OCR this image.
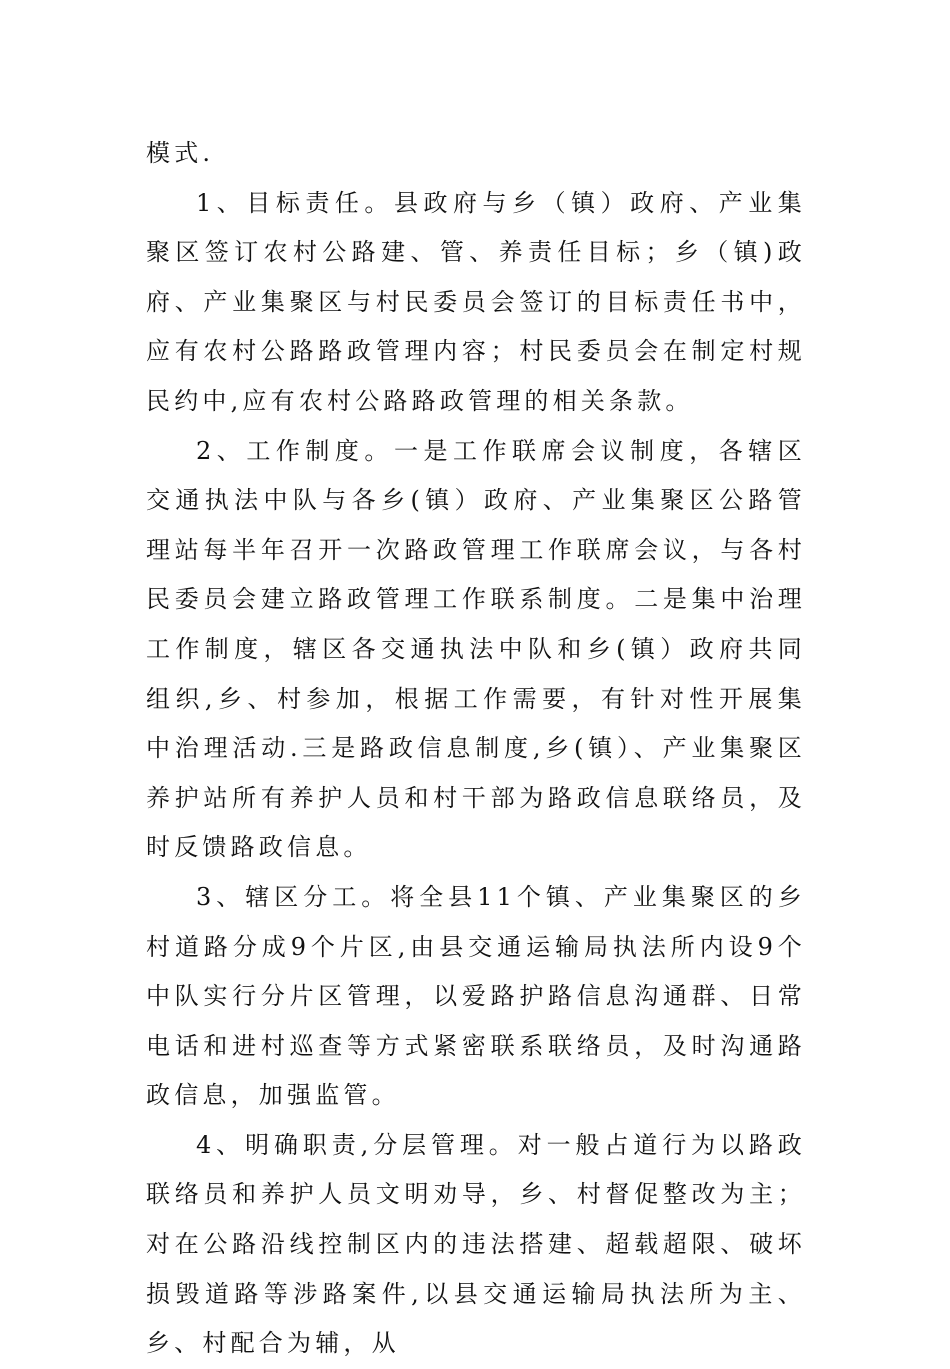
模式.

1、目标责任。县政府与乡（镇）政府、产业集聚区签订农村公路建、管、养责任目标；乡（镇)政府、产业集聚区与村民委员会签订的目标责任书中，应有农村公路路政管理内容；村民委员会在制定村规民约中,应有农村公路路政管理的相关条款。

2、工作制度。一是工作联席会议制度，各辖区交通执法中队与各乡(镇）政府、产业集聚区公路管理站每半年召开一次路政管理工作联席会议，与各村民委员会建立路政管理工作联系制度。二是集中治理工作制度，辖区各交通执法中队和乡(镇）政府共同组织,乡、村参加，根据工作需要，有针对性开展集中治理活动.三是路政信息制度,乡(镇）、产业集聚区养护站所有养护人员和村干部为路政信息联络员，及时反馈路政信息。

3、辖区分工。将全县11个镇、产业集聚区的乡村道路分成9个片区,由县交通运输局执法所内设9个中队实行分片区管理，以爱路护路信息沟通群、日常电话和进村巡查等方式紧密联系联络员，及时沟通路政信息，加强监管。

4、明确职责,分层管理。对一般占道行为以路政联络员和养护人员文明劝导，乡、村督促整改为主；对在公路沿线控制区内的违法搭建、超载超限、破坏损毁道路等涉路案件,以县交通运输局执法所为主、乡、村配合为辅，从
